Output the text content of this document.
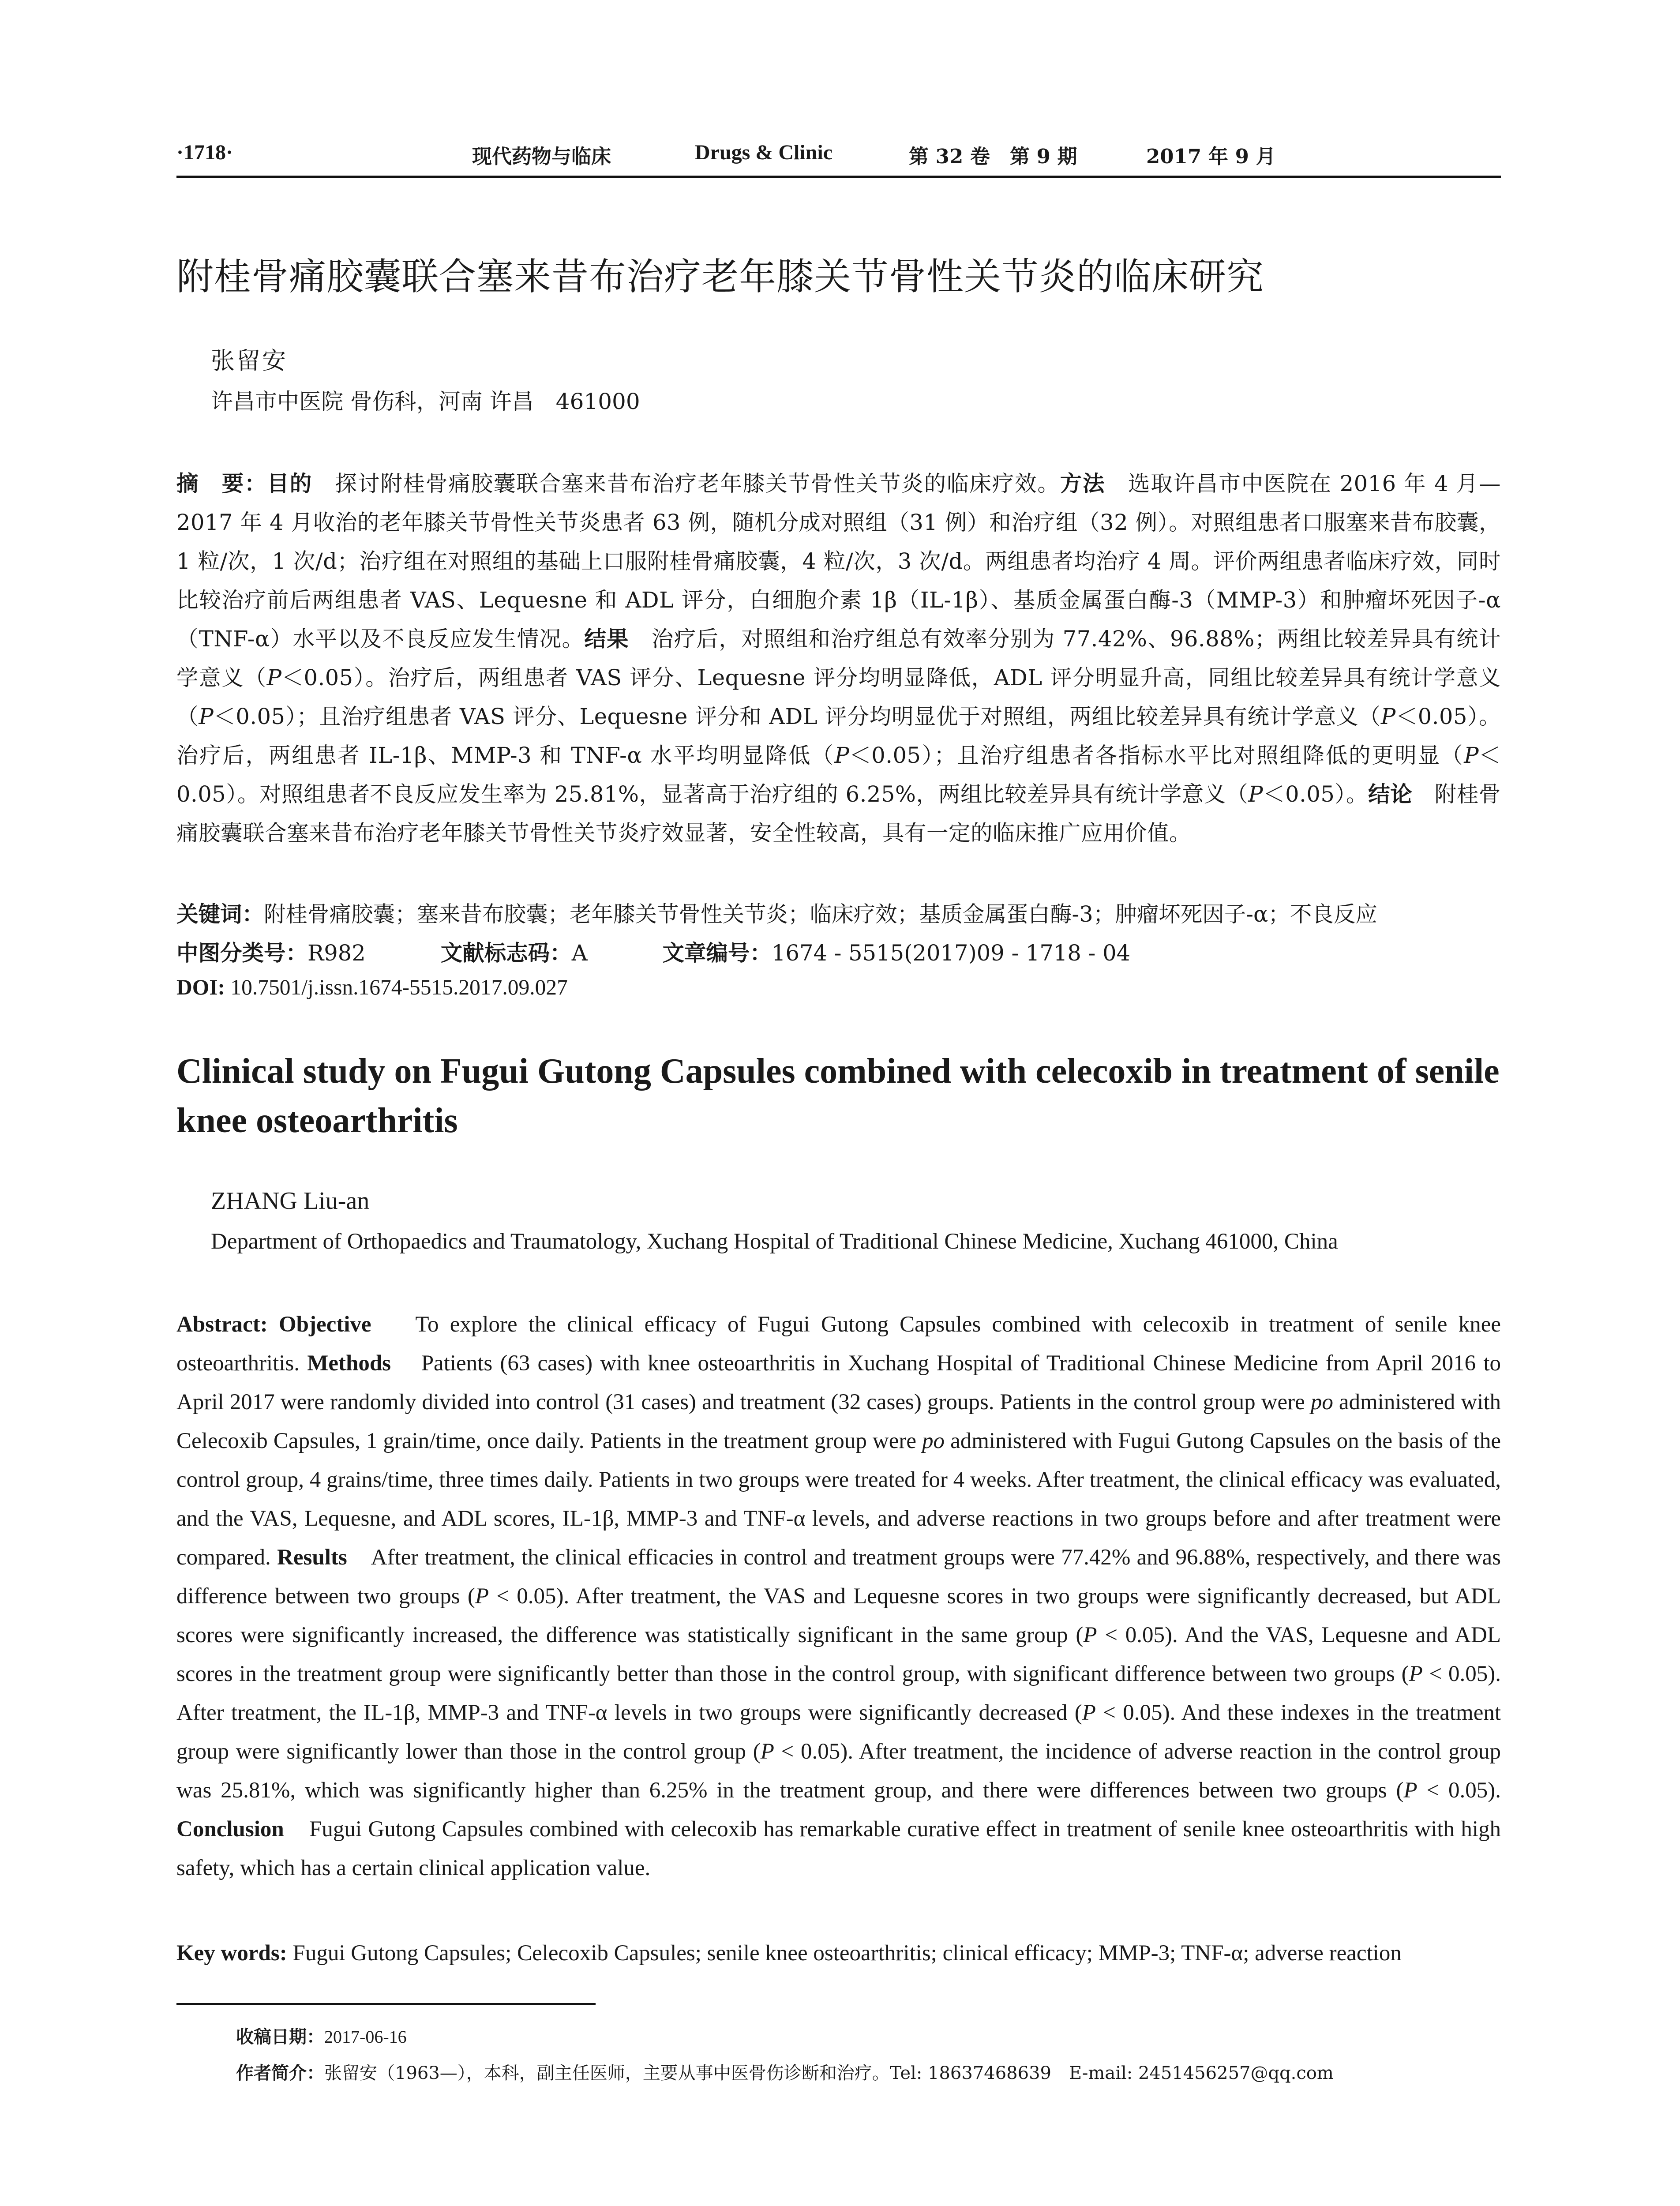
·1718·	现代药物与临床	Drugs & Clinic	第 32 卷　第 9 期	2017 年 9 月
附桂骨痛胶囊联合塞来昔布治疗老年膝关节骨性关节炎的临床研究
张留安
许昌市中医院 骨伤科，河南 许昌　461000
摘　要：目的　探讨附桂骨痛胶囊联合塞来昔布治疗老年膝关节骨性关节炎的临床疗效。方法　选取许昌市中医院在 2016 年 4 月—2017 年 4 月收治的老年膝关节骨性关节炎患者 63 例，随机分成对照组（31 例）和治疗组（32 例）。对照组患者口服塞来昔布胶囊，1 粒/次，1 次/d；治疗组在对照组的基础上口服附桂骨痛胶囊，4 粒/次，3 次/d。两组患者均治疗 4 周。评价两组患者临床疗效，同时比较治疗前后两组患者 VAS、Lequesne 和 ADL 评分，白细胞介素 1β（IL-1β）、基质金属蛋白酶-3（MMP-3）和肿瘤坏死因子-α（TNF-α）水平以及不良反应发生情况。结果　治疗后，对照组和治疗组总有效率分别为 77.42%、96.88%；两组比较差异具有统计学意义（P＜0.05）。治疗后，两组患者 VAS 评分、Lequesne 评分均明显降低，ADL 评分明显升高，同组比较差异具有统计学意义（P＜0.05）；且治疗组患者 VAS 评分、Lequesne 评分和 ADL 评分均明显优于对照组，两组比较差异具有统计学意义（P＜0.05）。治疗后，两组患者 IL-1β、MMP-3 和 TNF-α 水平均明显降低（P＜0.05）；且治疗组患者各指标水平比对照组降低的更明显（P＜0.05）。对照组患者不良反应发生率为 25.81%，显著高于治疗组的 6.25%，两组比较差异具有统计学意义（P＜0.05）。结论　附桂骨痛胶囊联合塞来昔布治疗老年膝关节骨性关节炎疗效显著，安全性较高，具有一定的临床推广应用价值。
关键词：附桂骨痛胶囊；塞来昔布胶囊；老年膝关节骨性关节炎；临床疗效；基质金属蛋白酶-3；肿瘤坏死因子-α；不良反应
中图分类号：R982	文献标志码：A	文章编号：1674 - 5515(2017)09 - 1718 - 04
DOI: 10.7501/j.issn.1674-5515.2017.09.027
Clinical study on Fugui Gutong Capsules combined with celecoxib in treatment of senile knee osteoarthritis
ZHANG Liu-an
Department of Orthopaedics and Traumatology, Xuchang Hospital of Traditional Chinese Medicine, Xuchang 461000, China
Abstract: Objective To explore the clinical efficacy of Fugui Gutong Capsules combined with celecoxib in treatment of senile knee osteoarthritis. Methods Patients (63 cases) with knee osteoarthritis in Xuchang Hospital of Traditional Chinese Medicine from April 2016 to April 2017 were randomly divided into control (31 cases) and treatment (32 cases) groups. Patients in the control group were po administered with Celecoxib Capsules, 1 grain/time, once daily. Patients in the treatment group were po administered with Fugui Gutong Capsules on the basis of the control group, 4 grains/time, three times daily. Patients in two groups were treated for 4 weeks. After treatment, the clinical efficacy was evaluated, and the VAS, Lequesne, and ADL scores, IL-1β, MMP-3 and TNF-α levels, and adverse reactions in two groups before and after treatment were compared. Results After treatment, the clinical efficacies in control and treatment groups were 77.42% and 96.88%, respectively, and there was difference between two groups (P < 0.05). After treatment, the VAS and Lequesne scores in two groups were significantly decreased, but ADL scores were significantly increased, the difference was statistically significant in the same group (P < 0.05). And the VAS, Lequesne and ADL scores in the treatment group were significantly better than those in the control group, with significant difference between two groups (P < 0.05). After treatment, the IL-1β, MMP-3 and TNF-α levels in two groups were significantly decreased (P < 0.05). And these indexes in the treatment group were significantly lower than those in the control group (P < 0.05). After treatment, the incidence of adverse reaction in the control group was 25.81%, which was significantly higher than 6.25% in the treatment group, and there were differences between two groups (P < 0.05). Conclusion Fugui Gutong Capsules combined with celecoxib has remarkable curative effect in treatment of senile knee osteoarthritis with high safety, which has a certain clinical application value.
Key words: Fugui Gutong Capsules; Celecoxib Capsules; senile knee osteoarthritis; clinical efficacy; MMP-3; TNF-α; adverse reaction
收稿日期：2017-06-16
作者简介：张留安（1963—），本科，副主任医师，主要从事中医骨伤诊断和治疗。Tel: 18637468639　E-mail: 2451456257@qq.com
